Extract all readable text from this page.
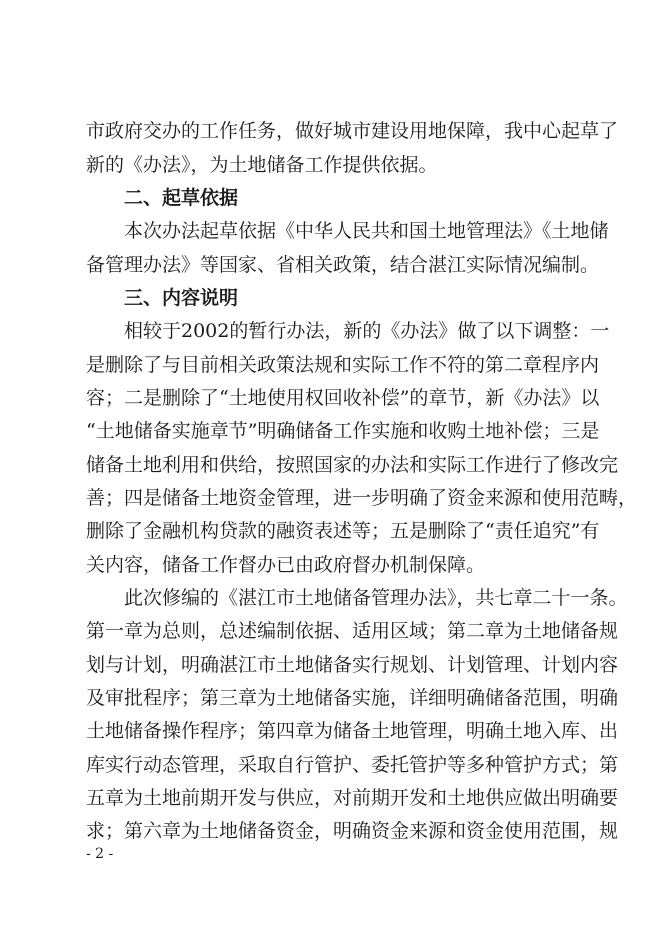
市政府交办的工作任务，做好城市建设用地保障，我中心起草了
新的《办法》，为土地储备工作提供依据。
二、起草依据
本次办法起草依据《中华人民共和国土地管理法》《土地储
备管理办法》等国家、省相关政策，结合湛江实际情况编制。
三、内容说明
相较于2002的暂行办法，新的《办法》做了以下调整：一
是删除了与目前相关政策法规和实际工作不符的第二章程序内
容；二是删除了“土地使用权回收补偿”的章节，新《办法》以
“土地储备实施章节”明确储备工作实施和收购土地补偿；三是
储备土地利用和供给，按照国家的办法和实际工作进行了修改完
善；四是储备土地资金管理，进一步明确了资金来源和使用范畴，
删除了金融机构贷款的融资表述等；五是删除了“责任追究”有
关内容，储备工作督办已由政府督办机制保障。
此次修编的《湛江市土地储备管理办法》，共七章二十一条。
第一章为总则，总述编制依据、适用区域；第二章为土地储备规
划与计划，明确湛江市土地储备实行规划、计划管理、计划内容
及审批程序；第三章为土地储备实施，详细明确储备范围，明确
土地储备操作程序；第四章为储备土地管理，明确土地入库、出
库实行动态管理，采取自行管护、委托管护等多种管护方式；第
五章为土地前期开发与供应，对前期开发和土地供应做出明确要
求；第六章为土地储备资金，明确资金来源和资金使用范围，规
- 2 -
